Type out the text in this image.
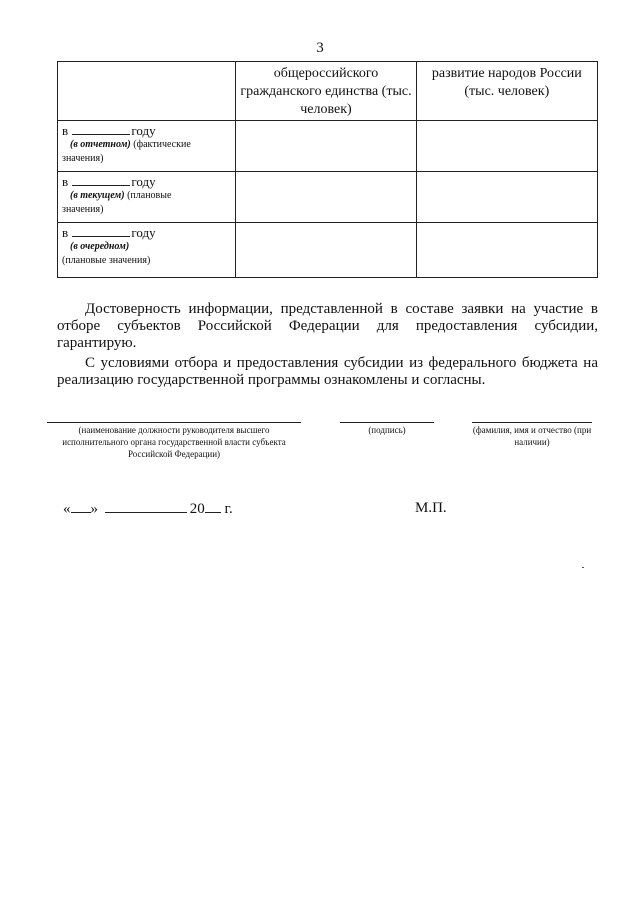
3
	общероссийского гражданского единства (тыс. человек)	развитие народов России (тыс. человек)

в году
(в отчетном) (фактические
значения)		

в году
(в текущем) (плановые
значения)		

в году
(в очередном)
(плановые значения)		

Достоверность информации, представленной в составе заявки на участие в отборе субъектов Российской Федерации для предоставления субсидии, гарантирую.
С условиями отбора и предоставления субсидии из федерального бюджета на реализацию государственной программы ознакомлены и согласны.
(наименование должности руководителя высшего исполнительного органа государственной власти субъекта Российской Федерации)
(подпись)	(фамилия, имя и отчество (при наличии)
« »	20 г.	М.П.
